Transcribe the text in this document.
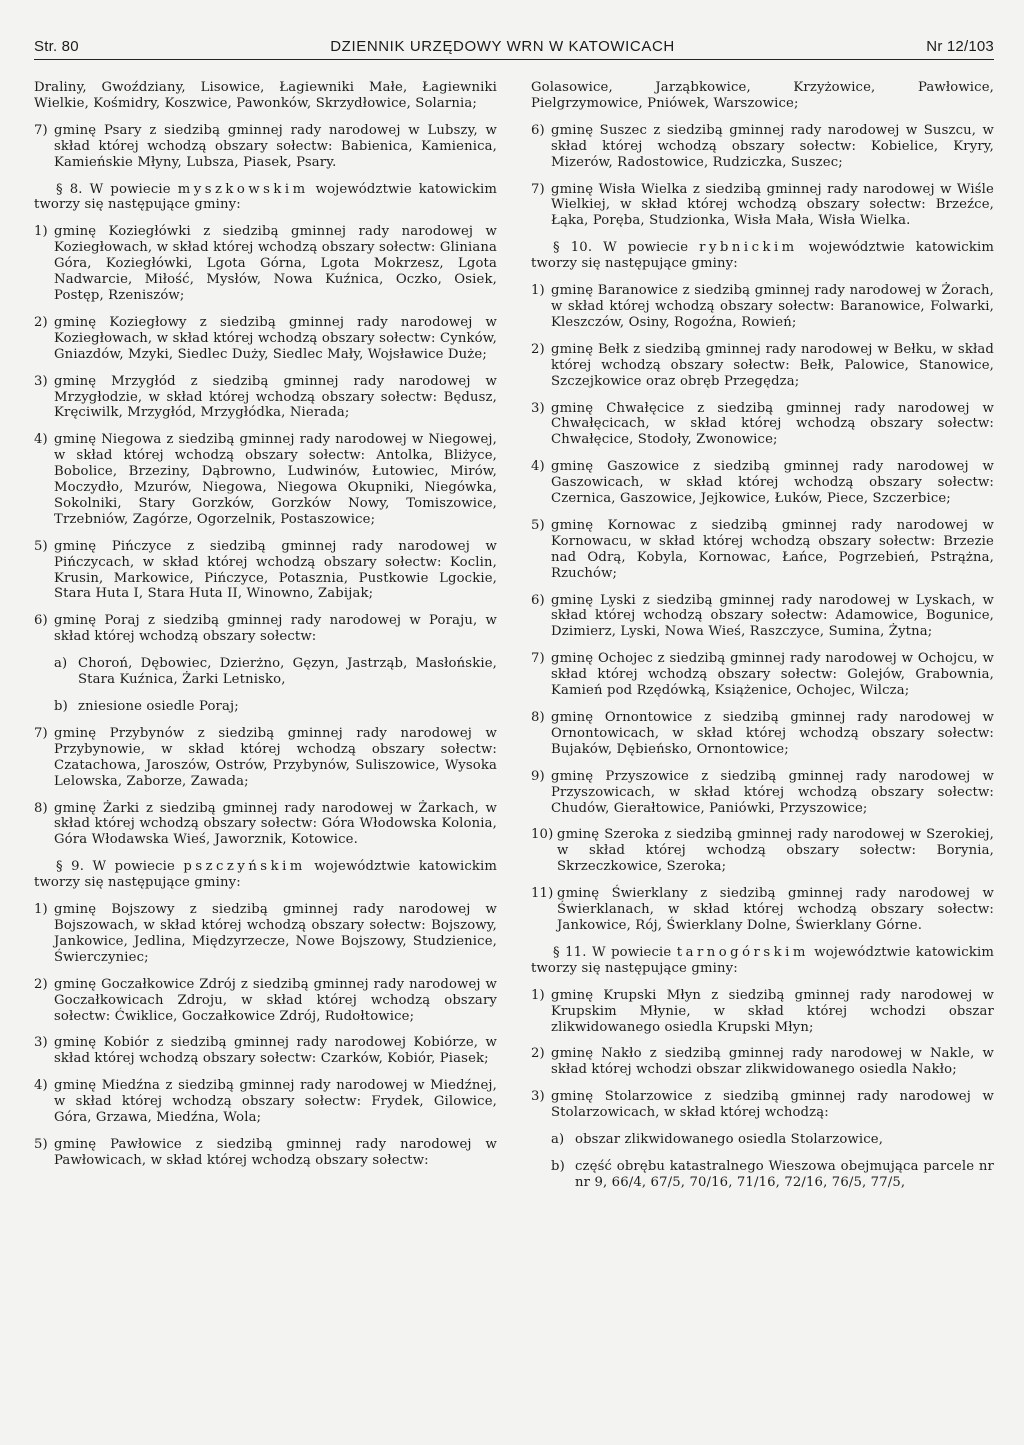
Str. 80	DZIENNIK URZĘDOWY WRN W KATOWICACH	Nr 12/103

Draliny, Gwoździany, Lisowice, Łagiewniki Małe, Łagiewniki Wielkie, Kośmidry, Koszwice, Pawonków, Skrzydłowice, Solarnia;

7) gminę Psary z siedzibą gminnej rady narodowej w Lubszy, w skład której wchodzą obszary sołectw: Babienica, Kamienica, Kamieńskie Młyny, Lubsza, Piasek, Psary.

§ 8. W powiecie myszkowskim województwie katowickim tworzy się następujące gminy:

1) gminę Koziegłówki z siedzibą gminnej rady narodowej w Koziegłowach, w skład której wchodzą obszary sołectw: Gliniana Góra, Koziegłówki, Lgota Górna, Lgota Mokrzesz, Lgota Nadwarcie, Miłość, Mysłów, Nowa Kuźnica, Oczko, Osiek, Postęp, Rzeniszów;

2) gminę Koziegłowy z siedzibą gminnej rady narodowej w Koziegłowach, w skład której wchodzą obszary sołectw: Cynków, Gniazdów, Mzyki, Siedlec Duży, Siedlec Mały, Wojsławice Duże;

3) gminę Mrzygłód z siedzibą gminnej rady narodowej w Mrzygłodzie, w skład której wchodzą obszary sołectw: Będusz, Kręciwilk, Mrzygłód, Mrzygłódka, Nierada;

4) gminę Niegowa z siedzibą gminnej rady narodowej w Niegowej, w skład której wchodzą obszary sołectw: Antolka, Bliżyce, Bobolice, Brzeziny, Dąbrowno, Ludwinów, Łutowiec, Mirów, Moczydło, Mzurów, Niegowa, Niegowa Okupniki, Niegówka, Sokolniki, Stary Gorzków, Gorzków Nowy, Tomiszowice, Trzebniów, Zagórze, Ogorzelnik, Postaszowice;

5) gminę Pińczyce z siedzibą gminnej rady narodowej w Pińczycach, w skład której wchodzą obszary sołectw: Koclin, Krusin, Markowice, Pińczyce, Potasznia, Pustkowie Lgockie, Stara Huta I, Stara Huta II, Winowno, Zabijak;

6) gminę Poraj z siedzibą gminnej rady narodowej w Poraju, w skład której wchodzą obszary sołectw:

a) Choroń, Dębowiec, Dzierżno, Gęzyn, Jastrząb, Masłońskie, Stara Kuźnica, Żarki Letnisko,

b) zniesione osiedle Poraj;

7) gminę Przybynów z siedzibą gminnej rady narodowej w Przybynowie, w skład której wchodzą obszary sołectw: Czatachowa, Jaroszów, Ostrów, Przybynów, Suliszowice, Wysoka Lelowska, Zaborze, Zawada;

8) gminę Żarki z siedzibą gminnej rady narodowej w Żarkach, w skład której wchodzą obszary sołectw: Góra Włodowska Kolonia, Góra Włodawska Wieś, Jaworznik, Kotowice.

§ 9. W powiecie pszczyńskim województwie katowickim tworzy się następujące gminy:

1) gminę Bojszowy z siedzibą gminnej rady narodowej w Bojszowach, w skład której wchodzą obszary sołectw: Bojszowy, Jankowice, Jedlina, Międzyrzecze, Nowe Bojszowy, Studzienice, Świerczyniec;

2) gminę Goczałkowice Zdrój z siedzibą gminnej rady narodowej w Goczałkowicach Zdroju, w skład której wchodzą obszary sołectw: Ćwiklice, Goczałkowice Zdrój, Rudołtowice;

3) gminę Kobiór z siedzibą gminnej rady narodowej Kobiórze, w skład której wchodzą obszary sołectw: Czarków, Kobiór, Piasek;

4) gminę Miedźna z siedzibą gminnej rady narodowej w Miedźnej, w skład której wchodzą obszary sołectw: Frydek, Gilowice, Góra, Grzawa, Miedźna, Wola;

5) gminę Pawłowice z siedzibą gminnej rady narodowej w Pawłowicach, w skład której wchodzą obszary sołectw:

Golasowice, Jarząbkowice, Krzyżowice, Pawłowice, Pielgrzymowice, Pniówek, Warszowice;

6) gminę Suszec z siedzibą gminnej rady narodowej w Suszcu, w skład której wchodzą obszary sołectw: Kobielice, Kryry, Mizerów, Radostowice, Rudziczka, Suszec;

7) gminę Wisła Wielka z siedzibą gminnej rady narodowej w Wiśle Wielkiej, w skład której wchodzą obszary sołectw: Brzeźce, Łąka, Poręba, Studzionka, Wisła Mała, Wisła Wielka.

§ 10. W powiecie rybnickim województwie katowickim tworzy się następujące gminy:

1) gminę Baranowice z siedzibą gminnej rady narodowej w Żorach, w skład której wchodzą obszary sołectw: Baranowice, Folwarki, Kleszczów, Osiny, Rogoźna, Rowień;

2) gminę Bełk z siedzibą gminnej rady narodowej w Bełku, w skład której wchodzą obszary sołectw: Bełk, Palowice, Stanowice, Szczejkowice oraz obręb Przegędza;

3) gminę Chwałęcice z siedzibą gminnej rady narodowej w Chwałęcicach, w skład której wchodzą obszary sołectw: Chwałęcice, Stodoły, Zwonowice;

4) gminę Gaszowice z siedzibą gminnej rady narodowej w Gaszowicach, w skład której wchodzą obszary sołectw: Czernica, Gaszowice, Jejkowice, Łuków, Piece, Szczerbice;

5) gminę Kornowac z siedzibą gminnej rady narodowej w Kornowacu, w skład której wchodzą obszary sołectw: Brzezie nad Odrą, Kobyla, Kornowac, Łańce, Pogrzebień, Pstrążna, Rzuchów;

6) gminę Lyski z siedzibą gminnej rady narodowej w Lyskach, w skład której wchodzą obszary sołectw: Adamowice, Bogunice, Dzimierz, Lyski, Nowa Wieś, Raszczyce, Sumina, Żytna;

7) gminę Ochojec z siedzibą gminnej rady narodowej w Ochojcu, w skład której wchodzą obszary sołectw: Golejów, Grabownia, Kamień pod Rzędówką, Książenice, Ochojec, Wilcza;

8) gminę Ornontowice z siedzibą gminnej rady narodowej w Ornontowicach, w skład której wchodzą obszary sołectw: Bujaków, Dębieńsko, Ornontowice;

9) gminę Przyszowice z siedzibą gminnej rady narodowej w Przyszowicach, w skład której wchodzą obszary sołectw: Chudów, Gierałtowice, Paniówki, Przyszowice;

10) gminę Szeroka z siedzibą gminnej rady narodowej w Szerokiej, w skład której wchodzą obszary sołectw: Borynia, Skrzeczkowice, Szeroka;

11) gminę Świerklany z siedzibą gminnej rady narodowej w Świerklanach, w skład której wchodzą obszary sołectw: Jankowice, Rój, Świerklany Dolne, Świerklany Górne.

§ 11. W powiecie tarnogórskim województwie katowickim tworzy się następujące gminy:

1) gminę Krupski Młyn z siedzibą gminnej rady narodowej w Krupskim Młynie, w skład której wchodzi obszar zlikwidowanego osiedla Krupski Młyn;

2) gminę Nakło z siedzibą gminnej rady narodowej w Nakle, w skład której wchodzi obszar zlikwidowanego osiedla Nakło;

3) gminę Stolarzowice z siedzibą gminnej rady narodowej w Stolarzowicach, w skład której wchodzą:

a) obszar zlikwidowanego osiedla Stolarzowice,

b) część obrębu katastralnego Wieszowa obejmująca parcele nr nr 9, 66/4, 67/5, 70/16, 71/16, 72/16, 76/5, 77/5,
